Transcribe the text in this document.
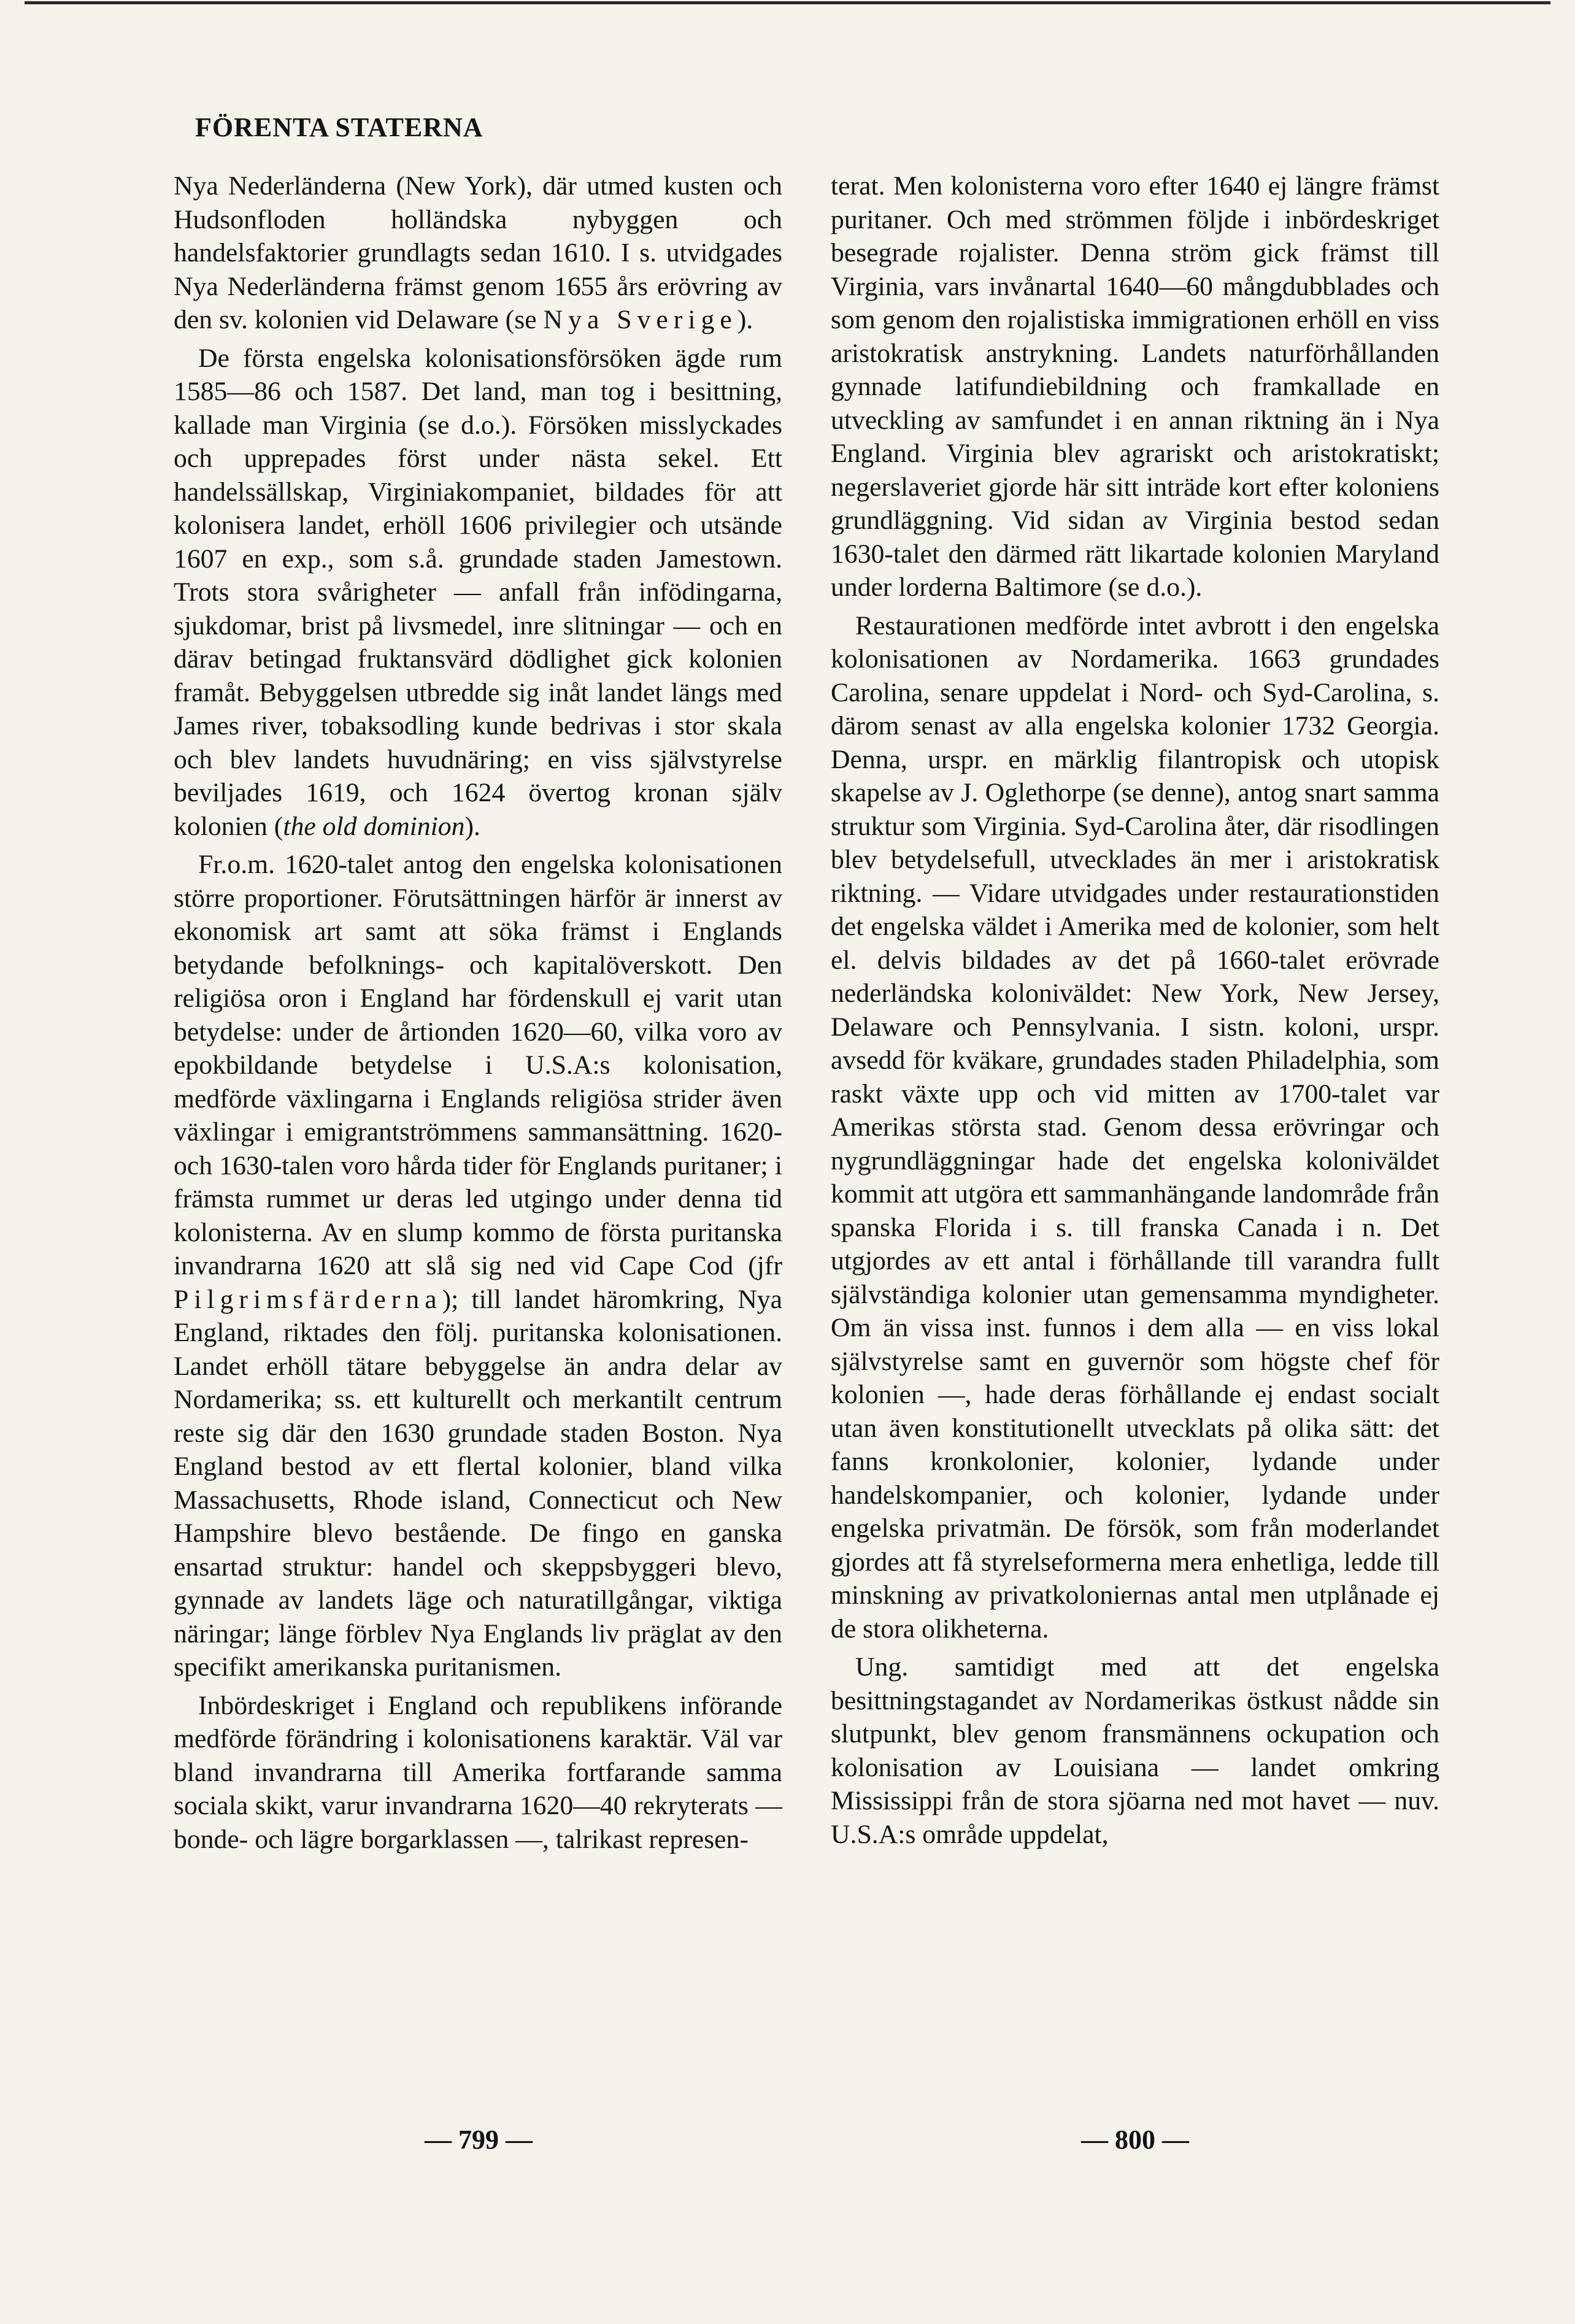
FÖRENTA STATERNA

Nya Nederländerna (New York), där utmed kusten och Hudsonfloden holländska nybyggen och handelsfaktorier grundlagts sedan 1610. I s. utvidgades Nya Nederländerna främst genom 1655 års erövring av den sv. kolonien vid Delaware (se Nya Sverige).

De första engelska kolonisationsförsöken ägde rum 1585—86 och 1587. Det land, man tog i besittning, kallade man Virginia (se d.o.). Försöken misslyckades och upprepades först under nästa sekel. Ett handelssällskap, Virginiakompaniet, bildades för att kolonisera landet, erhöll 1606 privilegier och utsände 1607 en exp., som s.å. grundade staden Jamestown. Trots stora svårigheter — anfall från infödingarna, sjukdomar, brist på livsmedel, inre slitningar — och en därav betingad fruktansvärd dödlighet gick kolonien framåt. Bebyggelsen utbredde sig inåt landet längs med James river, tobaksodling kunde bedrivas i stor skala och blev landets huvudnäring; en viss självstyrelse beviljades 1619, och 1624 övertog kronan själv kolonien (the old dominion).

Fr.o.m. 1620-talet antog den engelska kolonisationen större proportioner. Förutsättningen härför är innerst av ekonomisk art samt att söka främst i Englands betydande befolknings- och kapitalöverskott. Den religiösa oron i England har fördenskull ej varit utan betydelse: under de årtionden 1620—60, vilka voro av epokbildande betydelse i U.S.A:s kolonisation, medförde växlingarna i Englands religiösa strider även växlingar i emigrantströmmens sammansättning. 1620- och 1630-talen voro hårda tider för Englands puritaner; i främsta rummet ur deras led utgingo under denna tid kolonisterna. Av en slump kommo de första puritanska invandrarna 1620 att slå sig ned vid Cape Cod (jfr Pilgrimsfärderna); till landet häromkring, Nya England, riktades den följ. puritanska kolonisationen. Landet erhöll tätare bebyggelse än andra delar av Nordamerika; ss. ett kulturellt och merkantilt centrum reste sig där den 1630 grundade staden Boston. Nya England bestod av ett flertal kolonier, bland vilka Massachusetts, Rhode island, Connecticut och New Hampshire blevo bestående. De fingo en ganska ensartad struktur: handel och skeppsbyggeri blevo, gynnade av landets läge och naturatillgångar, viktiga näringar; länge förblev Nya Englands liv präglat av den specifikt amerikanska puritanismen.

Inbördeskriget i England och republikens införande medförde förändring i kolonisationens karaktär. Väl var bland invandrarna till Amerika fortfarande samma sociala skikt, varur invandrarna 1620—40 rekryterats — bonde- och lägre borgarklassen —, talrikast represen-

terat. Men kolonisterna voro efter 1640 ej längre främst puritaner. Och med strömmen följde i inbördeskriget besegrade rojalister. Denna ström gick främst till Virginia, vars invånartal 1640—60 mångdubblades och som genom den rojalistiska immigrationen erhöll en viss aristokratisk anstrykning. Landets naturförhållanden gynnade latifundiebildning och framkallade en utveckling av samfundet i en annan riktning än i Nya England. Virginia blev agrariskt och aristokratiskt; negerslaveriet gjorde här sitt inträde kort efter koloniens grundläggning. Vid sidan av Virginia bestod sedan 1630-talet den därmed rätt likartade kolonien Maryland under lorderna Baltimore (se d.o.).

Restaurationen medförde intet avbrott i den engelska kolonisationen av Nordamerika. 1663 grundades Carolina, senare uppdelat i Nord- och Syd-Carolina, s. därom senast av alla engelska kolonier 1732 Georgia. Denna, urspr. en märklig filantropisk och utopisk skapelse av J. Oglethorpe (se denne), antog snart samma struktur som Virginia. Syd-Carolina åter, där risodlingen blev betydelsefull, utvecklades än mer i aristokratisk riktning. — Vidare utvidgades under restaurationstiden det engelska väldet i Amerika med de kolonier, som helt el. delvis bildades av det på 1660-talet erövrade nederländska koloniväldet: New York, New Jersey, Delaware och Pennsylvania. I sistn. koloni, urspr. avsedd för kväkare, grundades staden Philadelphia, som raskt växte upp och vid mitten av 1700-talet var Amerikas största stad. Genom dessa erövringar och nygrundläggningar hade det engelska koloniväldet kommit att utgöra ett sammanhängande landområde från spanska Florida i s. till franska Canada i n. Det utgjordes av ett antal i förhållande till varandra fullt självständiga kolonier utan gemensamma myndigheter. Om än vissa inst. funnos i dem alla — en viss lokal självstyrelse samt en guvernör som högste chef för kolonien —, hade deras förhållande ej endast socialt utan även konstitutionellt utvecklats på olika sätt: det fanns kronkolonier, kolonier, lydande under handelskompanier, och kolonier, lydande under engelska privatmän. De försök, som från moderlandet gjordes att få styrelseformerna mera enhetliga, ledde till minskning av privatkoloniernas antal men utplånade ej de stora olikheterna.

Ung. samtidigt med att det engelska besittningstagandet av Nordamerikas östkust nådde sin slutpunkt, blev genom fransmännens ockupation och kolonisation av Louisiana — landet omkring Mississippi från de stora sjöarna ned mot havet — nuv. U.S.A:s område uppdelat,

— 799 —	— 800 —
